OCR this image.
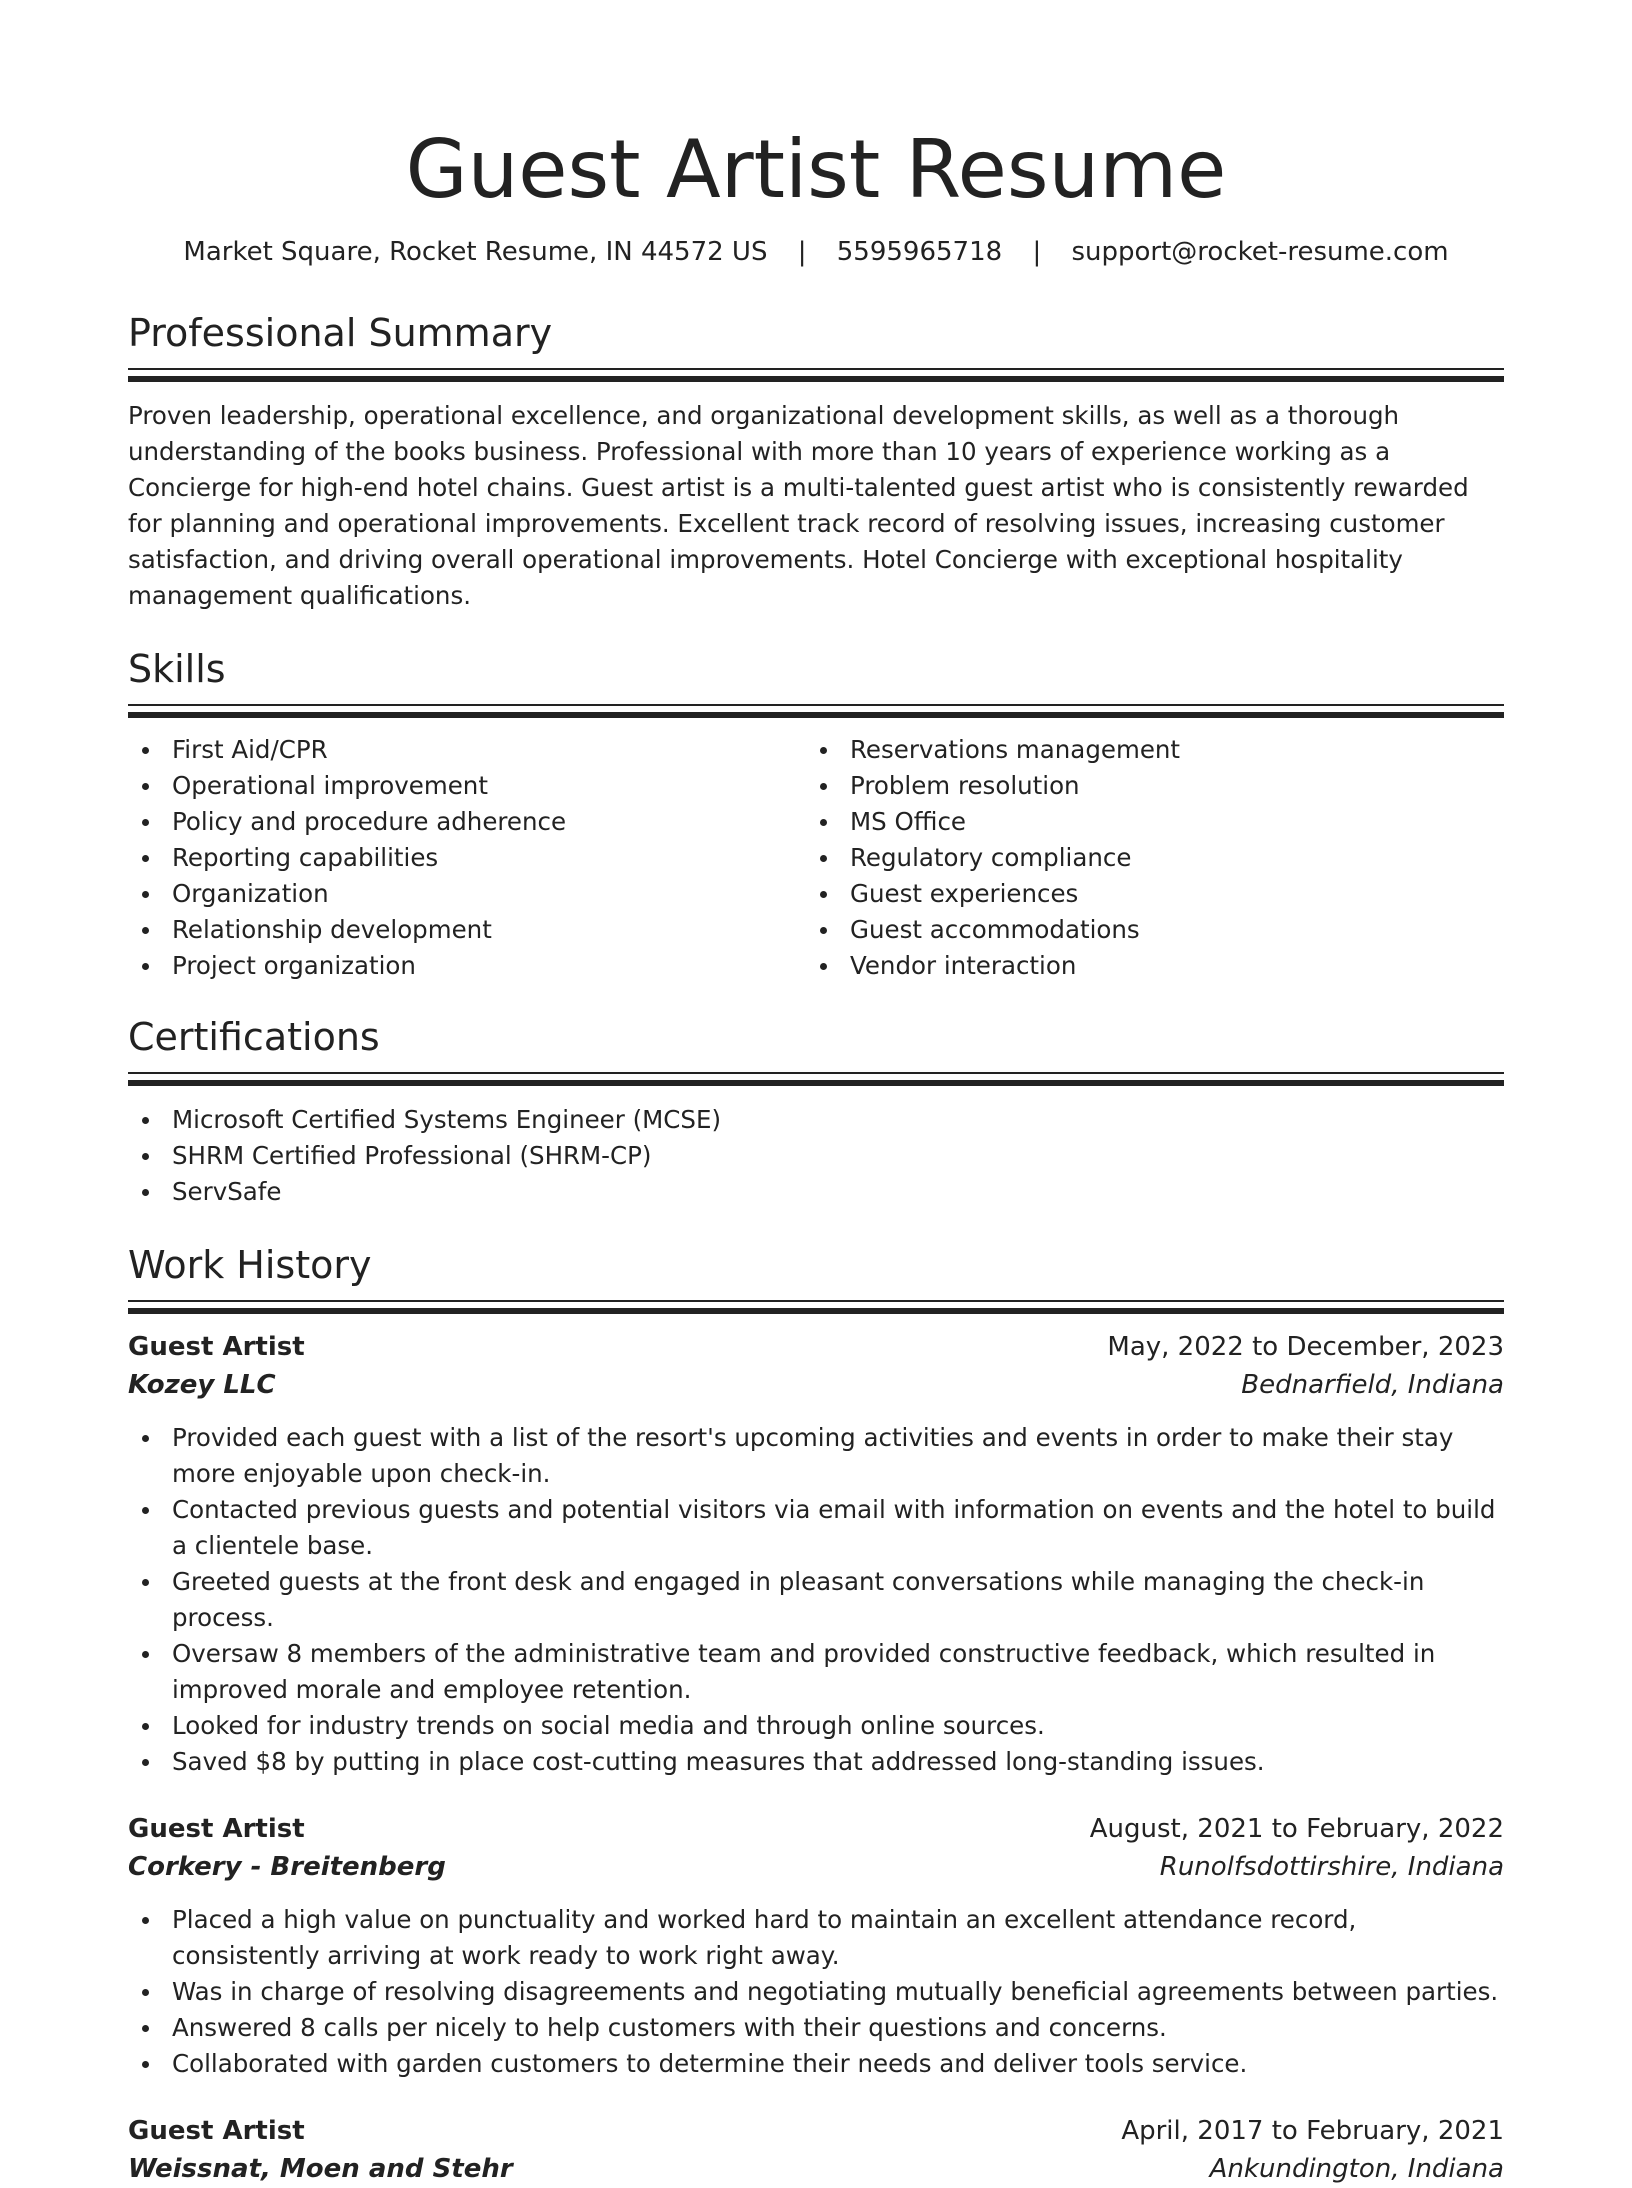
Guest Artist Resume
Market Square, Rocket Resume, IN 44572 US | 5595965718 | support@rocket-resume.com
Professional Summary
Proven leadership, operational excellence, and organizational development skills, as well as a thorough understanding of the books business. Professional with more than 10 years of experience working as a Concierge for high-end hotel chains. Guest artist is a multi-talented guest artist who is consistently rewarded for planning and operational improvements. Excellent track record of resolving issues, increasing customer satisfaction, and driving overall operational improvements. Hotel Concierge with exceptional hospitality management qualifications.
Skills
First Aid/CPR
Operational improvement
Policy and procedure adherence
Reporting capabilities
Organization
Relationship development
Project organization
Reservations management
Problem resolution
MS Office
Regulatory compliance
Guest experiences
Guest accommodations
Vendor interaction
Certifications
Microsoft Certified Systems Engineer (MCSE)
SHRM Certified Professional (SHRM-CP)
ServSafe
Work History
Guest Artist	May, 2022 to December, 2023
Kozey LLC	Bednarfield, Indiana
Provided each guest with a list of the resort's upcoming activities and events in order to make their stay more enjoyable upon check-in.
Contacted previous guests and potential visitors via email with information on events and the hotel to build a clientele base.
Greeted guests at the front desk and engaged in pleasant conversations while managing the check-in process.
Oversaw 8 members of the administrative team and provided constructive feedback, which resulted in improved morale and employee retention.
Looked for industry trends on social media and through online sources.
Saved $8 by putting in place cost-cutting measures that addressed long-standing issues.
Guest Artist	August, 2021 to February, 2022
Corkery - Breitenberg	Runolfsdottirshire, Indiana
Placed a high value on punctuality and worked hard to maintain an excellent attendance record, consistently arriving at work ready to work right away.
Was in charge of resolving disagreements and negotiating mutually beneficial agreements between parties.
Answered 8 calls per nicely to help customers with their questions and concerns.
Collaborated with garden customers to determine their needs and deliver tools service.
Guest Artist	April, 2017 to February, 2021
Weissnat, Moen and Stehr	Ankundington, Indiana
